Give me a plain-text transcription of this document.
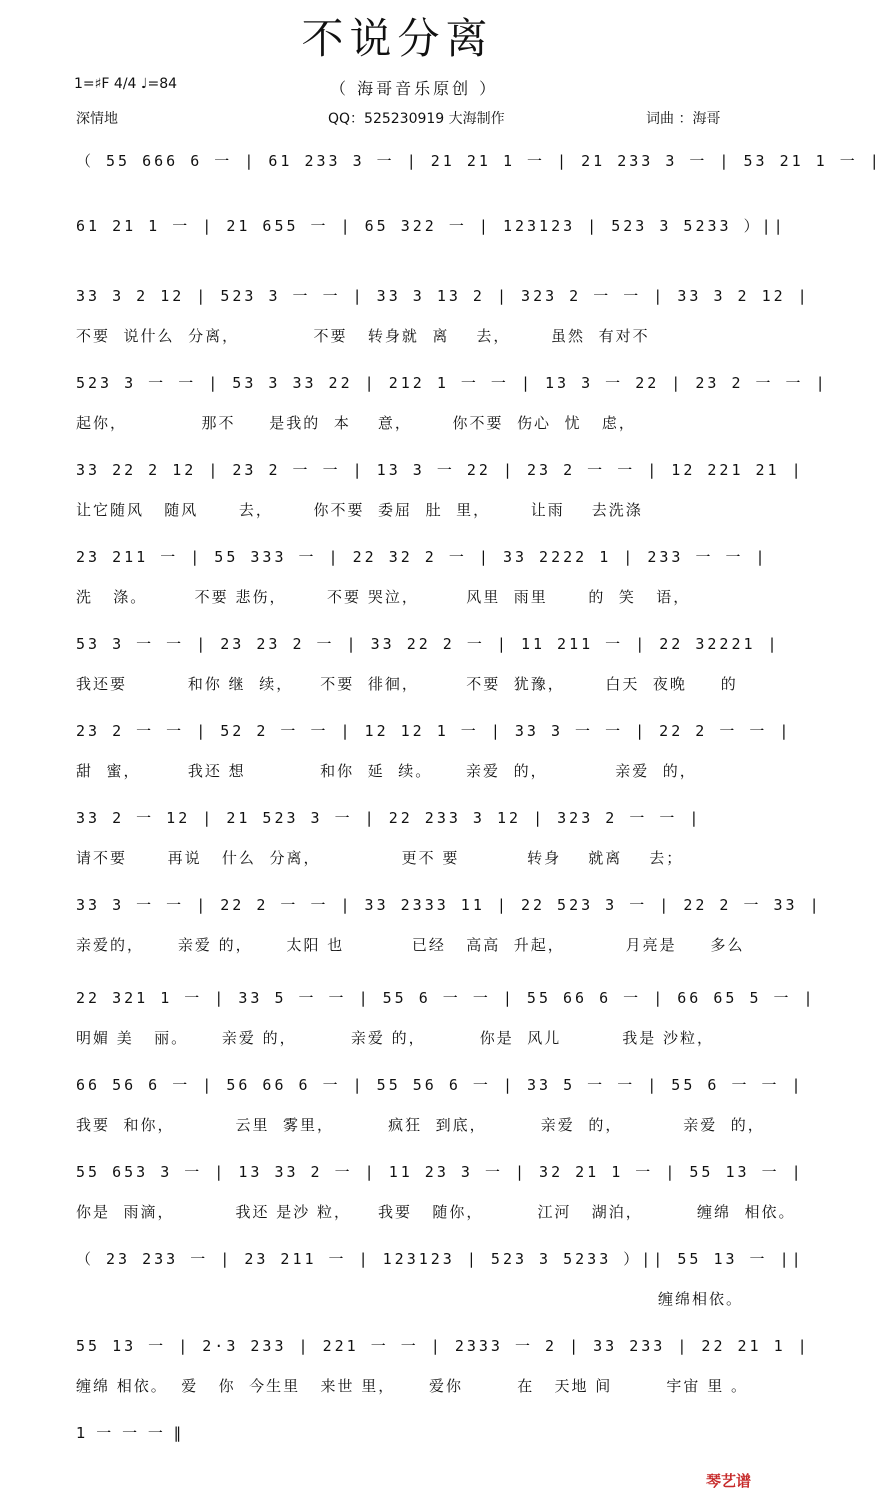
不说分离
1=♯F 4/4 ♩=84	（ 海哥音乐原创 ）
深情地	QQ：525230919 大海制作	词曲 ：海哥
（ 55 666 6 一 | 61 233 3 一 | 21 21 1 一 | 21 233 3 一 | 53 21 1 一 |
61 21 1 一 | 21 655 一 | 65 322 一 | 123123 | 523 3 5233 ）||
33 3 2 12 | 523 3 一 一 | 33 3 13 2 | 323 2 一 一 | 33 3 2 12 |
不要  说什么  分离，           不要   转身就  离    去，      虽然  有对不
523 3 一 一 | 53 3 33 22 | 212 1 一 一 | 13 3 一 22 | 23 2 一 一 |
起你，           那不     是我的  本    意，      你不要  伤心  忧   虑，
33 22 2 12 | 23 2 一 一 | 13 3 一 22 | 23 2 一 一 | 12 221 21 |
让它随风   随风      去，      你不要  委屈  肚  里，      让雨    去洗涤
23 211 一 | 55 333 一 | 22 32 2 一 | 33 2222 1 | 233 一 一 |
洗   涤。       不要 悲伤，      不要 哭泣，       风里  雨里      的  笑   语，
53 3 一 一 | 23 23 2 一 | 33 22 2 一 | 11 211 一 | 22 32221 |
我还要         和你 继  续，    不要  徘徊，       不要  犹豫，      白天  夜晚     的
23 2 一 一 | 52 2 一 一 | 12 12 1 一 | 33 3 一 一 | 22 2 一 一 |
甜  蜜，       我还 想           和你  延  续。     亲爱  的，          亲爱  的，
33 2 一 12 | 21 523 3 一 | 22 233 3 12 | 323 2 一 一 |
请不要      再说   什么  分离，            更不 要          转身    就离    去；
33 3 一 一 | 22 2 一 一 | 33 2333 11 | 22 523 3 一 | 22 2 一 33 |
亲爱的，     亲爱 的，     太阳 也          已经   高高  升起，         月亮是     多么
22 321 1 一 | 33 5 一 一 | 55 6 一 一 | 55 66 6 一 | 66 65 5 一 |
明媚 美   丽。     亲爱 的，        亲爱 的，        你是  风儿         我是 沙粒，
66 56 6 一 | 56 66 6 一 | 55 56 6 一 | 33 5 一 一 | 55 6 一 一 |
我要  和你，         云里  雾里，        疯狂  到底，        亲爱  的，         亲爱  的，
55 653 3 一 | 13 33 2 一 | 11 23 3 一 | 32 21 1 一 | 55 13 一 |
你是  雨滴，         我还 是沙 粒，    我要   随你，        江河   湖泊，        缠绵  相依。
（ 23 233 一 | 23 211 一 | 123123 | 523 3 5233 ）|| 55 13 一 ||
缠绵相依。
55 13 一 | 2·3 233 | 221 一 一 | 2333 一 2 | 33 233 | 22 21 1 |
缠绵 相依。  爱   你  今生里   来世 里，     爱你        在   天地 间        宇宙 里 。
1 一 一 一 ‖
琴艺谱
